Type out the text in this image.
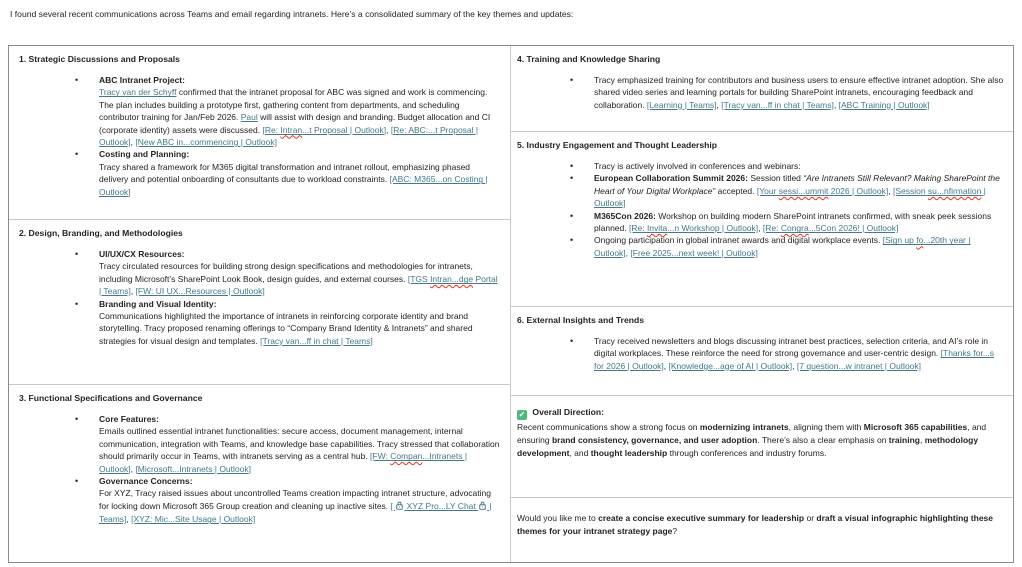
I found several recent communications across Teams and email regarding intranets. Here’s a consolidated summary of the key themes and updates:

1. Strategic Discussions and Proposals
• ABC Intranet Project:
Tracy van der Schyff confirmed that the intranet proposal for ABC was signed and work is commencing. The plan includes building a prototype first, gathering content from departments, and scheduling contributor training for Jan/Feb 2026. Paul will assist with design and branding. Budget allocation and CI (corporate identity) assets were discussed. [Re: Intran...t Proposal | Outlook], [Re: ABC:...t Proposal | Outlook], [New ABC in...commencing | Outlook]
• Costing and Planning:
Tracy shared a framework for M365 digital transformation and intranet rollout, emphasizing phased delivery and potential onboarding of consultants due to workload constraints. [ABC: M365...on Costing | Outlook]
2. Design, Branding, and Methodologies
• UI/UX/CX Resources:
Tracy circulated resources for building strong design specifications and methodologies for intranets, including Microsoft’s SharePoint Look Book, design guides, and external courses. [TGS Intran...dge Portal | Teams], [FW: UI UX...Resources | Outlook]
• Branding and Visual Identity:
Communications highlighted the importance of intranets in reinforcing corporate identity and brand storytelling. Tracy proposed renaming offerings to “Company Brand Identity & Intranets” and shared strategies for visual design and templates. [Tracy van...ff in chat | Teams]
3. Functional Specifications and Governance
• Core Features:
Emails outlined essential intranet functionalities: secure access, document management, internal communication, integration with Teams, and knowledge base capabilities. Tracy stressed that collaboration should primarily occur in Teams, with intranets serving as a central hub. [FW: Compan...Intranets | Outlook], [Microsoft...Intranets | Outlook]
• Governance Concerns:
For XYZ, Tracy raised issues about uncontrolled Teams creation impacting intranet structure, advocating for locking down Microsoft 365 Group creation and cleaning up inactive sites. [  XYZ Pro...LY Chat  | Teams], [XYZ: Mic...Site Usage | Outlook]
4. Training and Knowledge Sharing
• Tracy emphasized training for contributors and business users to ensure effective intranet adoption. She also shared video series and learning portals for building SharePoint intranets, encouraging feedback and collaboration. [Learning | Teams], [Tracy van...ff in chat | Teams], [ABC Training | Outlook]
5. Industry Engagement and Thought Leadership
• Tracy is actively involved in conferences and webinars:
• European Collaboration Summit 2026: Session titled “Are Intranets Still Relevant? Making SharePoint the Heart of Your Digital Workplace” accepted. [Your sessi...ummit 2026 | Outlook], [Session su...nfirmation | Outlook]
• M365Con 2026: Workshop on building modern SharePoint intranets confirmed, with sneak peek sessions planned. [Re: Invita...n Workshop | Outlook], [Re: Congra...5Con 2026! | Outlook]
• Ongoing participation in global intranet awards and digital workplace events. [Sign up fo...20th year | Outlook], [Free 2025...next week! | Outlook]
6. External Insights and Trends
• Tracy received newsletters and blogs discussing intranet best practices, selection criteria, and AI’s role in digital workplaces. These reinforce the need for strong governance and user-centric design. [Thanks for...s for 2026 | Outlook], [Knowledge...age of AI | Outlook], [7 question...w intranet | Outlook]
✓ Overall Direction:

Recent communications show a strong focus on modernizing intranets, aligning them with Microsoft 365 capabilities, and ensuring brand consistency, governance, and user adoption. There’s also a clear emphasis on training, methodology development, and thought leadership through conferences and industry forums.

Would you like me to create a concise executive summary for leadership or draft a visual infographic highlighting these themes for your intranet strategy page?
